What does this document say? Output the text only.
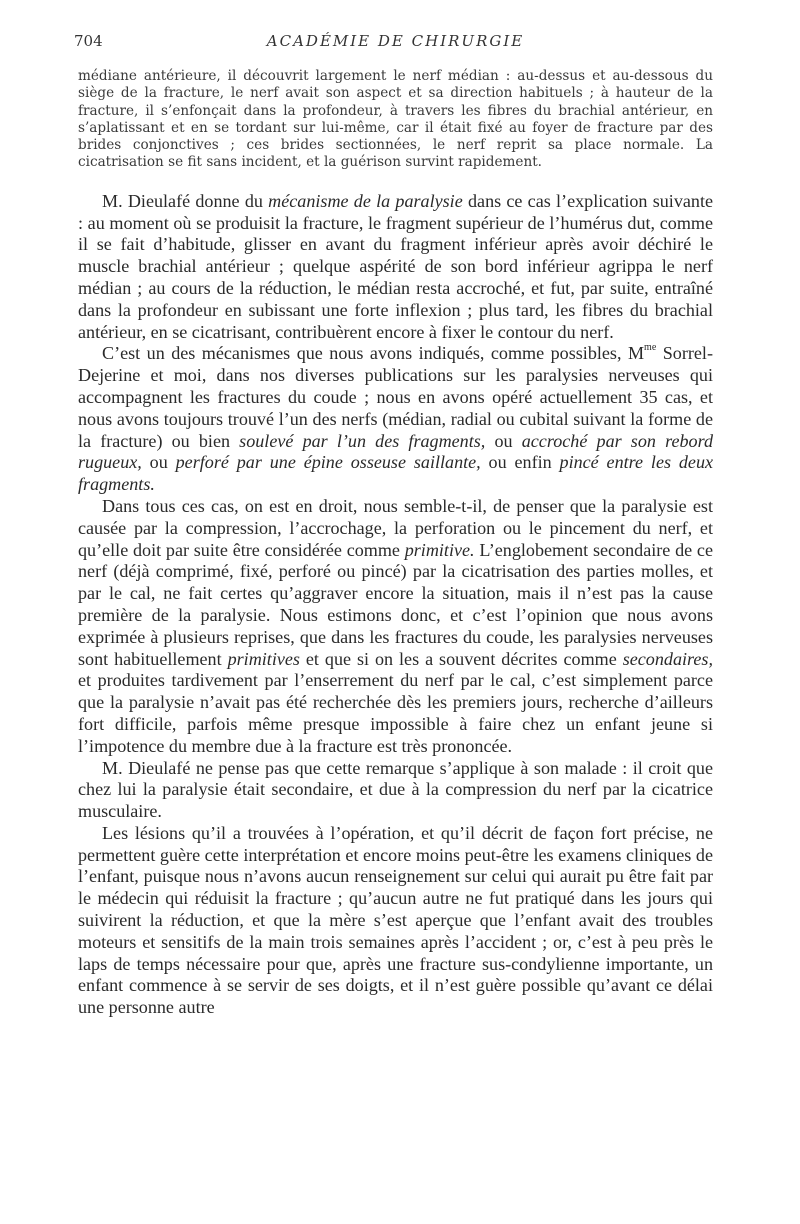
704	ACADÉMIE DE CHIRURGIE
médiane antérieure, il découvrit largement le nerf médian : au-dessus et au-dessous du siège de la fracture, le nerf avait son aspect et sa direction habituels ; à hauteur de la fracture, il s’enfonçait dans la profondeur, à travers les fibres du brachial antérieur, en s’aplatissant et en se tordant sur lui-même, car il était fixé au foyer de fracture par des brides conjonctives ; ces brides sectionnées, le nerf reprit sa place normale. La cicatrisation se fit sans incident, et la guérison survint rapidement.

M. Dieulafé donne du mécanisme de la paralysie dans ce cas l’explication suivante : au moment où se produisit la fracture, le fragment supérieur de l’humérus dut, comme il se fait d’habitude, glisser en avant du fragment inférieur après avoir déchiré le muscle brachial antérieur ; quelque aspérité de son bord inférieur agrippa le nerf médian ; au cours de la réduction, le médian resta accroché, et fut, par suite, entraîné dans la profondeur en subissant une forte inflexion ; plus tard, les fibres du brachial antérieur, en se cicatrisant, contribuèrent encore à fixer le contour du nerf.

C’est un des mécanismes que nous avons indiqués, comme possibles, $M^{me}$ Sorrel-Dejerine et moi, dans nos diverses publications sur les paralysies nerveuses qui accompagnent les fractures du coude ; nous en avons opéré actuellement 35 cas, et nous avons toujours trouvé l’un des nerfs (médian, radial ou cubital suivant la forme de la fracture) ou bien soulevé par l’un des fragments, ou accroché par son rebord rugueux, ou perforé par une épine osseuse saillante, ou enfin pincé entre les deux fragments.

Dans tous ces cas, on est en droit, nous semble-t-il, de penser que la paralysie est causée par la compression, l’accrochage, la perforation ou le pincement du nerf, et qu’elle doit par suite être considérée comme primitive. L’englobement secondaire de ce nerf (déjà comprimé, fixé, perforé ou pincé) par la cicatrisation des parties molles, et par le cal, ne fait certes qu’aggraver encore la situation, mais il n’est pas la cause première de la paralysie. Nous estimons donc, et c’est l’opinion que nous avons exprimée à plusieurs reprises, que dans les fractures du coude, les paralysies nerveuses sont habituellement primitives et que si on les a souvent décrites comme secondaires, et produites tardivement par l’enserrement du nerf par le cal, c’est simplement parce que la paralysie n’avait pas été recherchée dès les premiers jours, recherche d’ailleurs fort difficile, parfois même presque impossible à faire chez un enfant jeune si l’impotence du membre due à la fracture est très prononcée.

M. Dieulafé ne pense pas que cette remarque s’applique à son malade : il croit que chez lui la paralysie était secondaire, et due à la compression du nerf par la cicatrice musculaire.

Les lésions qu’il a trouvées à l’opération, et qu’il décrit de façon fort précise, ne permettent guère cette interprétation et encore moins peut-être les examens cliniques de l’enfant, puisque nous n’avons aucun renseignement sur celui qui aurait pu être fait par le médecin qui réduisit la fracture ; qu’aucun autre ne fut pratiqué dans les jours qui suivirent la réduction, et que la mère s’est aperçue que l’enfant avait des troubles moteurs et sensitifs de la main trois semaines après l’accident ; or, c’est à peu près le laps de temps nécessaire pour que, après une fracture sus-condylienne importante, un enfant commence à se servir de ses doigts, et il n’est guère possible qu’avant ce délai une personne autre
